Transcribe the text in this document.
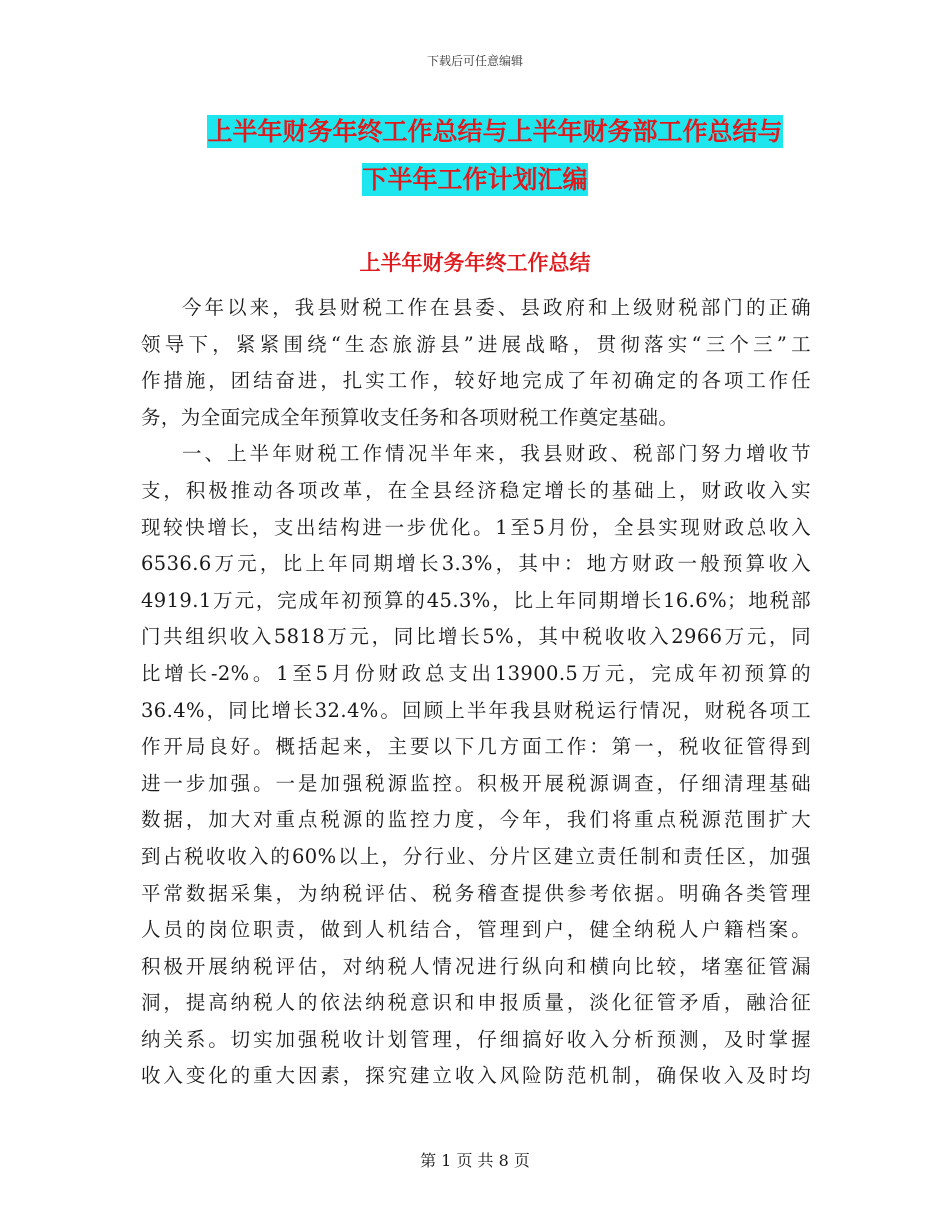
下载后可任意编辑
上半年财务年终工作总结与上半年财务部工作总结与
下半年工作计划汇编
上半年财务年终工作总结
今年以来，我县财税工作在县委、县政府和上级财税部门的正确
领导下，紧紧围绕“生态旅游县”进展战略，贯彻落实“三个三”工
作措施，团结奋进，扎实工作，较好地完成了年初确定的各项工作任
务，为全面完成全年预算收支任务和各项财税工作奠定基础。
一、上半年财税工作情况半年来，我县财政、税部门努力增收节
支，积极推动各项改革，在全县经济稳定增长的基础上，财政收入实
现较快增长，支出结构进一步优化。1至5月份，全县实现财政总收入
6536.6万元，比上年同期增长3.3%，其中：地方财政一般预算收入
4919.1万元，完成年初预算的45.3%，比上年同期增长16.6%；地税部
门共组织收入5818万元，同比增长5%，其中税收收入2966万元，同
比增长-2%。1至5月份财政总支出13900.5万元，完成年初预算的
36.4%，同比增长32.4%。回顾上半年我县财税运行情况，财税各项工
作开局良好。概括起来，主要以下几方面工作：第一，税收征管得到
进一步加强。一是加强税源监控。积极开展税源调查，仔细清理基础
数据，加大对重点税源的监控力度，今年，我们将重点税源范围扩大
到占税收收入的60%以上，分行业、分片区建立责任制和责任区，加强
平常数据采集，为纳税评估、税务稽查提供参考依据。明确各类管理
人员的岗位职责，做到人机结合，管理到户，健全纳税人户籍档案。
积极开展纳税评估，对纳税人情况进行纵向和横向比较，堵塞征管漏
洞，提高纳税人的依法纳税意识和申报质量，淡化征管矛盾，融洽征
纳关系。切实加强税收计划管理，仔细搞好收入分析预测，及时掌握
收入变化的重大因素，探究建立收入风险防范机制，确保收入及时均
第 1 页 共 8 页
